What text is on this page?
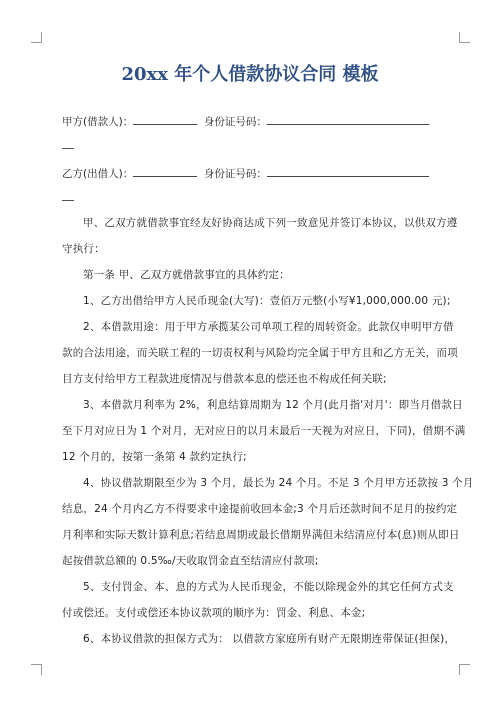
20xx 年个人借款协议合同 模板
甲方(借款人)：	身份证号码：
乙方(出借人)：	身份证号码：
甲、乙双方就借款事宜经友好协商达成下列一致意见并签订本协议，以供双方遵
守执行：
第一条 甲、乙双方就借款事宜的具体约定：
1、乙方出借给甲方人民币现金(大写)：壹佰万元整(小写¥1,000,000.00 元);
2、本借款用途：用于甲方承揽某公司单项工程的周转资金。此款仅申明甲方借
款的合法用途，而关联工程的一切责权利与风险均完全属于甲方且和乙方无关，而项
目方支付给甲方工程款进度情况与借款本息的偿还也不构成任何关联;
3、本借款月利率为 2%，利息结算周期为 12 个月(此月指'对月'：即当月借款日
至下月对应日为 1 个对月，无对应日的以月末最后一天视为对应日，下同)，借期不满
12 个月的，按第一条第 4 款约定执行;
4、协议借款期限至少为 3 个月，最长为 24 个月。不足 3 个月甲方还款按 3 个月
结息，24 个月内乙方不得要求中途提前收回本金;3 个月后还款时间不足月的按约定
月利率和实际天数计算利息;若结息周期或最长借期界满但未结清应付本(息)则从即日
起按借款总额的 0.5‰/天收取罚金直至结清应付款项;
5、支付罚金、本、息的方式为人民币现金，不能以除现金外的其它任何方式支
付或偿还。支付或偿还本协议款项的顺序为：罚金、利息、本金;
6、本协议借款的担保方式为： 以借款方家庭所有财产无限期连带保证(担保)，
